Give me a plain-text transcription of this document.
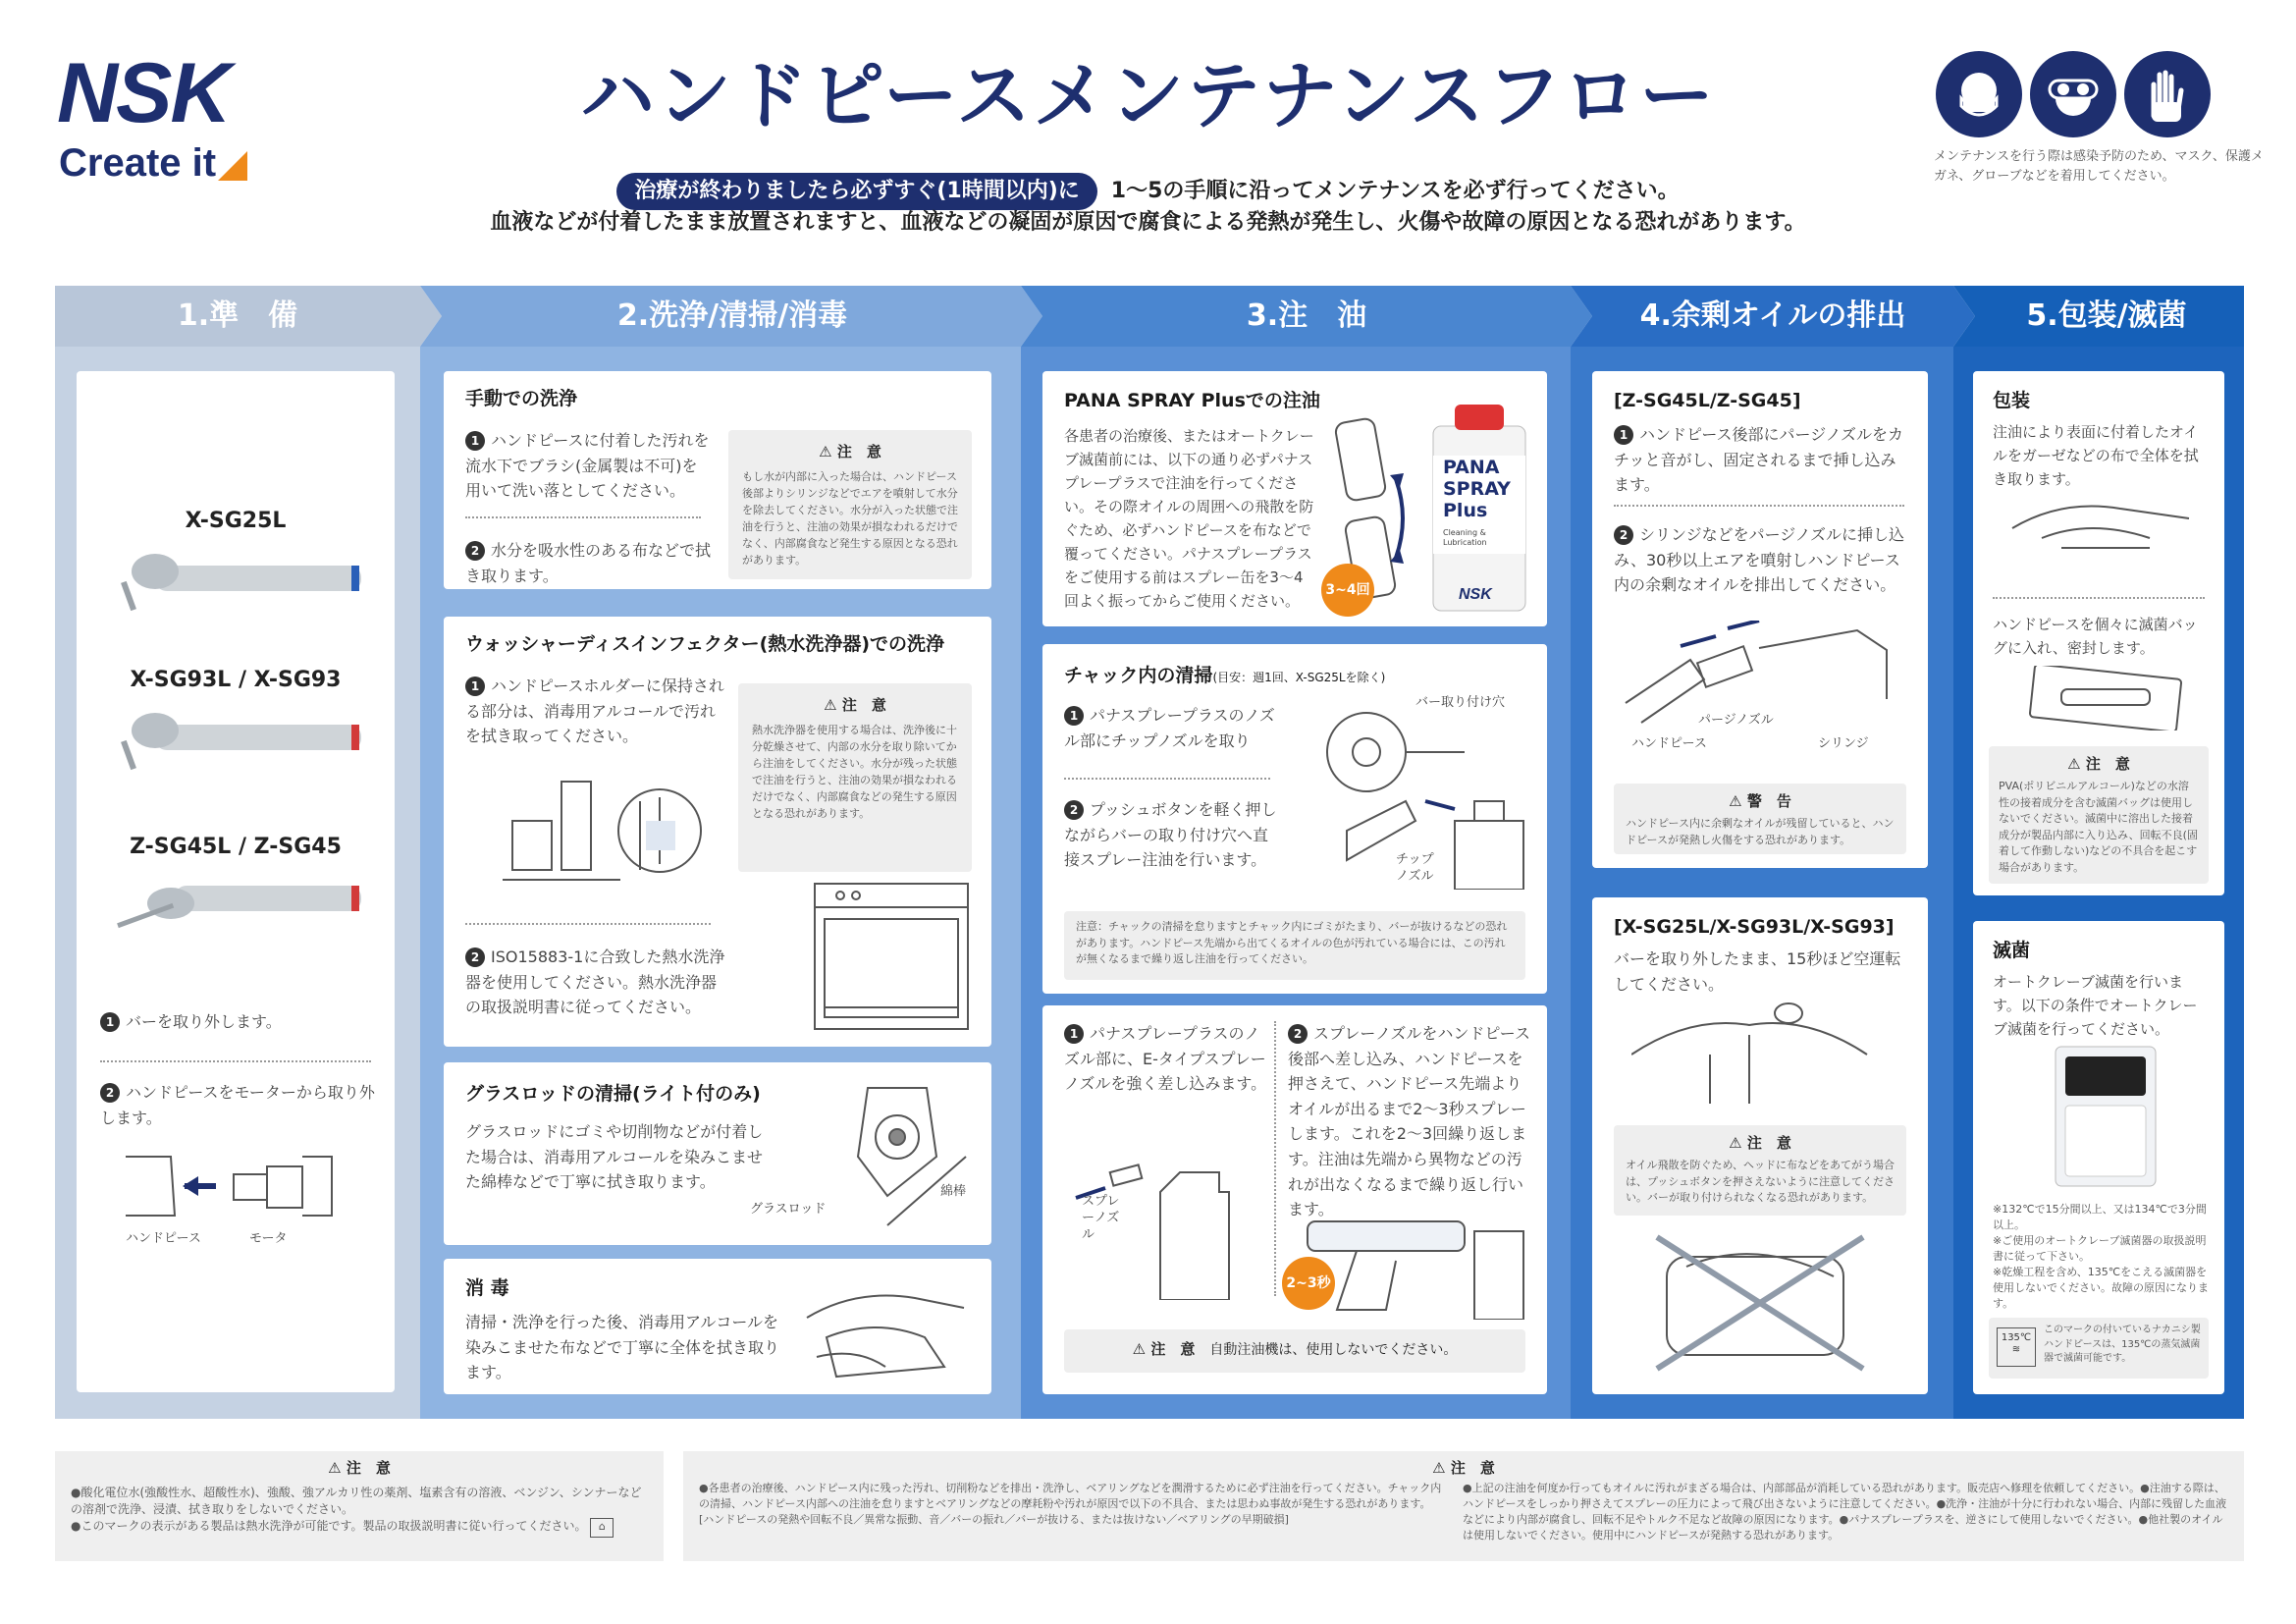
NSK
Create it
ハンドピースメンテナンスフロー
治療が終わりましたら必ずすぐ(1時間以内)に 1～5の手順に沿ってメンテナンスを必ず行ってください。
血液などが付着したまま放置されますと、血液などの凝固が原因で腐食による発熱が発生し、火傷や故障の原因となる恐れがあります。
メンテナンスを行う際は感染予防のため、マスク、保護メガネ、グローブなどを着用してください。
1.準　備	2.洗浄/清掃/消毒	3.注　油	4.余剰オイルの排出	5.包装/滅菌
X-SG25L
X-SG93L / X-SG93
Z-SG45L / Z-SG45
1 バーを取り外します。
2 ハンドピースをモーターから取り外します。
ハンドピース	モータ
手動での洗浄
1 ハンドピースに付着した汚れを流水下でブラシ(金属製は不可)を用いて洗い落としてください。
2 水分を吸水性のある布などで拭き取ります。
⚠ 注　意
もし水が内部に入った場合は、ハンドピース後部よりシリンジなどでエアを噴射して水分を除去してください。水分が入った状態で注油を行うと、注油の効果が損なわれるだけでなく、内部腐食など発生する原因となる恐れがあります。
ウォッシャーディスインフェクター(熱水洗浄器)での洗浄
1 ハンドピースホルダーに保持される部分は、消毒用アルコールで汚れを拭き取ってください。
⚠ 注　意
熱水洗浄器を使用する場合は、洗浄後に十分乾燥させて、内部の水分を取り除いてから注油をしてください。水分が残った状態で注油を行うと、注油の効果が損なわれるだけでなく、内部腐食などの発生する原因となる恐れがあります。
2 ISO15883-1に合致した熱水洗浄器を使用してください。熱水洗浄器の取扱説明書に従ってください。
グラスロッドの清掃(ライト付のみ)
グラスロッドにゴミや切削物などが付着した場合は、消毒用アルコールを染みこませた綿棒などで丁寧に拭き取ります。
グラスロッド
綿棒
消 毒
清掃・洗浄を行った後、消毒用アルコールを染みこませた布などで丁寧に全体を拭き取ります。
PANA SPRAY Plusでの注油
各患者の治療後、またはオートクレーブ滅菌前には、以下の通り必ずパナスプレープラスで注油を行ってください。その際オイルの周囲への飛散を防ぐため、必ずハンドピースを布などで覆ってください。パナスプレープラスをご使用する前はスプレー缶を3～4回よく振ってからご使用ください。
3~4回
PANA
SPRAY
Plus
Cleaning & Lubrication
NSK
チャック内の清掃(目安：週1回、X-SG25Lを除く)
1 パナスプレープラスのノズル部にチップノズルを取り
2 プッシュボタンを軽く押しながらバーの取り付け穴へ直接スプレー注油を行います。
バー取り付け穴
チップノズル
注意：チャックの清掃を怠りますとチャック内にゴミがたまり、バーが抜けるなどの恐れがあります。ハンドピース先端から出てくるオイルの色が汚れている場合には、この汚れが無くなるまで繰り返し注油を行ってください。
1 パナスプレープラスのノズル部に、E-タイプスプレーノズルを強く差し込みます。
2 スプレーノズルをハンドピース後部へ差し込み、ハンドピースを押さえて、ハンドピース先端よりオイルが出るまで2～3秒スプレーします。これを2～3回繰り返します。注油は先端から異物などの汚れが出なくなるまで繰り返し行います。
スプレーノズル
2~3秒
⚠ 注　意　 自動注油機は、使用しないでください。
[Z-SG45L/Z-SG45]
1 ハンドピース後部にパージノズルをカチッと音がし、固定されるまで挿し込みます。
2 シリンジなどをパージノズルに挿し込み、30秒以上エアを噴射しハンドピース内の余剰なオイルを排出してください。
パージノズル
ハンドピース	シリンジ
⚠ 警　告
ハンドピース内に余剰なオイルが残留していると、ハンドピースが発熱し火傷をする恐れがあります。
[X-SG25L/X-SG93L/X-SG93]
バーを取り外したまま、15秒ほど空運転してください。
⚠ 注　意
オイル飛散を防ぐため、ヘッドに布などをあてがう場合は、プッシュボタンを押さえないように注意してください。バーが取り付けられなくなる恐れがあります。
包装
注油により表面に付着したオイルをガーゼなどの布で全体を拭き取ります。
ハンドピースを個々に滅菌バッグに入れ、密封します。
⚠ 注　意
PVA(ポリビニルアルコール)などの水溶性の接着成分を含む滅菌バッグは使用しないでください。滅菌中に溶出した接着成分が製品内部に入り込み、回転不良(固着して作動しない)などの不具合を起こす場合があります。
滅菌
オートクレーブ滅菌を行います。以下の条件でオートクレーブ滅菌を行ってください。
※132℃で15分間以上、又は134℃で3分間以上。
※ご使用のオートクレーブ滅菌器の取扱説明書に従って下さい。
※乾燥工程を含め、135℃をこえる滅菌器を使用しないでください。故障の原因になります。
135℃
≋
このマークの付いているナカニシ製ハンドピースは、135℃の蒸気滅菌器で滅菌可能です。
⚠ 注　意
●酸化電位水(強酸性水、超酸性水)、強酸、強アルカリ性の薬剤、塩素含有の溶液、ベンジン、シンナーなどの溶剤で洗浄、浸漬、拭き取りをしないでください。
●このマークの表示がある製品は熱水洗浄が可能です。製品の取扱説明書に従い行ってください。 ⌂
⚠ 注　意
●各患者の治療後、ハンドピース内に残った汚れ、切削粉などを排出・洗浄し、ベアリングなどを潤滑するために必ず注油を行ってください。チャック内の清掃、ハンドピース内部への注油を怠りますとベアリングなどの摩耗粉や汚れが原因で以下の不具合、または思わぬ事故が発生する恐れがあります。[ハンドピースの発熱や回転不良／異常な振動、音／バーの振れ／バーが抜ける、または抜けない／ベアリングの早期破損]
●上記の注油を何度か行ってもオイルに汚れがまざる場合は、内部部品が消耗している恐れがあります。販売店へ修理を依頼してください。●注油する際は、ハンドピースをしっかり押さえてスプレーの圧力によって飛び出さないように注意してください。●洗浄・注油が十分に行われない場合、内部に残留した血液などにより内部が腐食し、回転不足やトルク不足など故障の原因になります。●パナスプレープラスを、逆さにして使用しないでください。●他社製のオイルは使用しないでください。使用中にハンドピースが発熱する恐れがあります。
